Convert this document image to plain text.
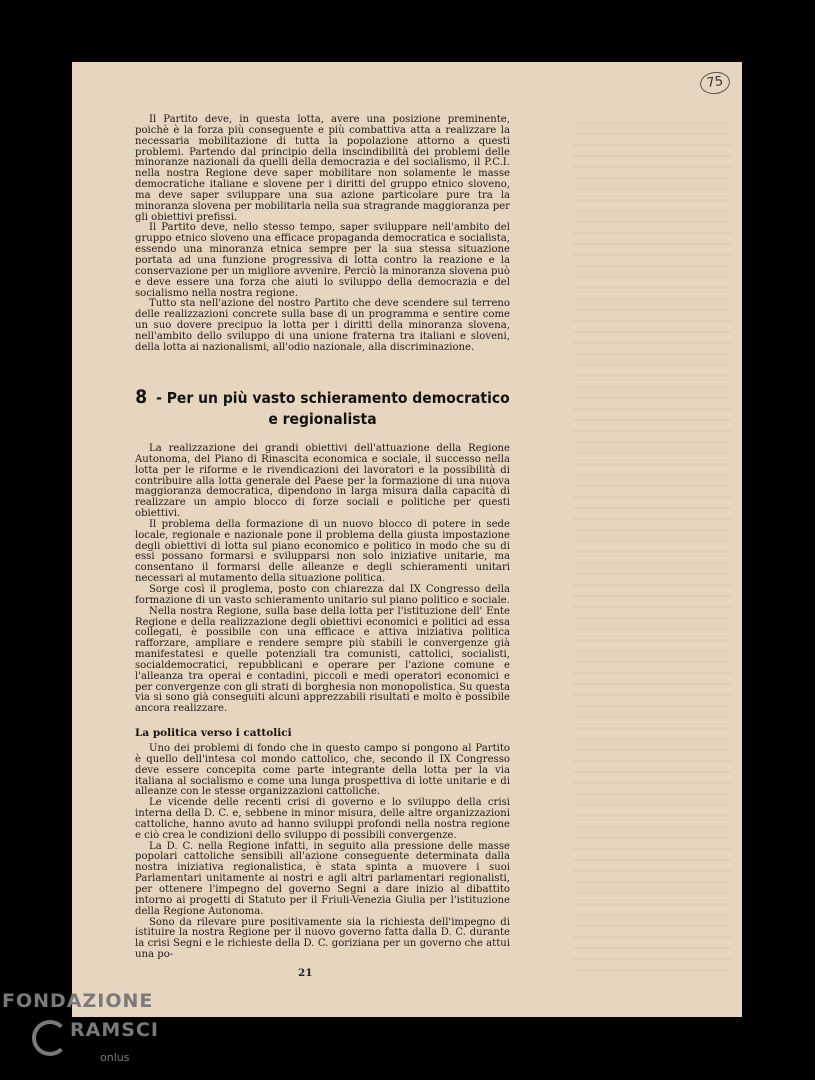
75

Il Partito deve, in questa lotta, avere una posizione preminente, poichè è la forza più conseguente e più combattiva atta a realizzare la necessaria mobilitazione di tutta la popolazione attorno a questi problemi. Partendo dal principio della inscindibilità dei problemi delle minoranze nazionali da quelli della democrazia e del socialismo, il P.C.I. nella nostra Regione deve saper mobilitare non solamente le masse democratiche italiane e slovene per i diritti del gruppo etnico sloveno, ma deve saper sviluppare una sua azione particolare pure tra la minoranza slovena per mobilitarla nella sua stragrande maggioranza per gli obiettivi prefissi.

Il Partito deve, nello stesso tempo, saper sviluppare nell'ambito del gruppo etnico sloveno una efficace propaganda democratica e socialista, essendo una minoranza etnica sempre per la sua stessa situazione portata ad una funzione progressiva di lotta contro la reazione e la conservazione per un migliore avvenire. Perciò la minoranza slovena può e deve essere una forza che aiuti lo sviluppo della democrazia e del socialismo nella nostra regione.

Tutto sta nell'azione del nostro Partito che deve scendere sul terreno delle realizzazioni concrete sulla base di un programma e sentire come un suo dovere precipuo la lotta per i diritti della minoranza slovena, nell'ambito dello sviluppo di una unione fraterna tra italiani e sloveni, della lotta ai nazionalismi, all'odio nazionale, alla discriminazione.

8 - Per un più vasto schieramento democratico e regionalista

La realizzazione dei grandi obiettivi dell'attuazione della Regione Autonoma, del Piano di Rinascita economica e sociale, il successo nella lotta per le riforme e le rivendicazioni dei lavoratori e la possibilità di contribuire alla lotta generale del Paese per la formazione di una nuova maggioranza democratica, dipendono in larga misura dalla capacità di realizzare un ampio blocco di forze sociali e politiche per questi obiettivi.

Il problema della formazione di un nuovo blocco di potere in sede locale, regionale e nazionale pone il problema della giusta impostazione degli obiettivi di lotta sul piano economico e politico in modo che su di essi possano formarsi e svilupparsi non solo iniziative unitarie, ma consentano il formarsi delle alleanze e degli schieramenti unitari necessari al mutamento della situazione politica.

Sorge così il proglema, posto con chiarezza dal IX Congresso della formazione di un vasto schieramento unitario sul piano politico e sociale.

Nella nostra Regione, sulla base della lotta per l'istituzione dell' Ente Regione e della realizzazione degli obiettivi economici e politici ad essa collegati, è possibile con una efficace e attiva iniziativa politica rafforzare, ampliare e rendere sempre più stabili le convergenze già manifestatesi e quelle potenziali tra comunisti, cattolici, socialisti, socialdemocratici, repubblicani e operare per l'azione comune e l'alleanza tra operai e contadini, piccoli e medi operatori economici e per convergenze con gli strati di borghesia non monopolistica. Su questa via si sono già conseguiti alcuni apprezzabili risultati e molto è possibile ancora realizzare.

La politica verso i cattolici

Uno dei problemi di fondo che in questo campo si pongono al Partito è quello dell'intesa col mondo cattolico, che, secondo il IX Congresso deve essere concepita come parte integrante della lotta per la via italiana al socialismo e come una lunga prospettiva di lotte unitarie e di alleanze con le stesse organizzazioni cattoliche.

Le vicende delle recenti crisi di governo e lo sviluppo della crisi interna della D. C. e, sebbene in minor misura, delle altre organizzazioni cattoliche, hanno avuto ad hanno sviluppi profondi nella nostra regione e ciò crea le condizioni dello sviluppo di possibili convergenze.

La D. C. nella Regione infatti, in seguito alla pressione delle masse popolari cattoliche sensibili all'azione conseguente determinata dalla nostra iniziativa regionalistica, è stata spinta a muovere i suoi Parlamentari unitamente ai nostri e agli altri parlamentari regionalisti, per ottenere l'impegno del governo Segni a dare inizio al dibattito intorno ai progetti di Statuto per il Friuli-Venezia Giulia per l'istituzione della Regione Autonoma.

Sono da rilevare pure positivamente sia la richiesta dell'impegno di istituire la nostra Regione per il nuovo governo fatta dalla D. C. durante la crisi Segni e le richieste della D. C. goriziana per un governo che attui una po-

21
FONDAZIONE
RAMSCI
onlus
